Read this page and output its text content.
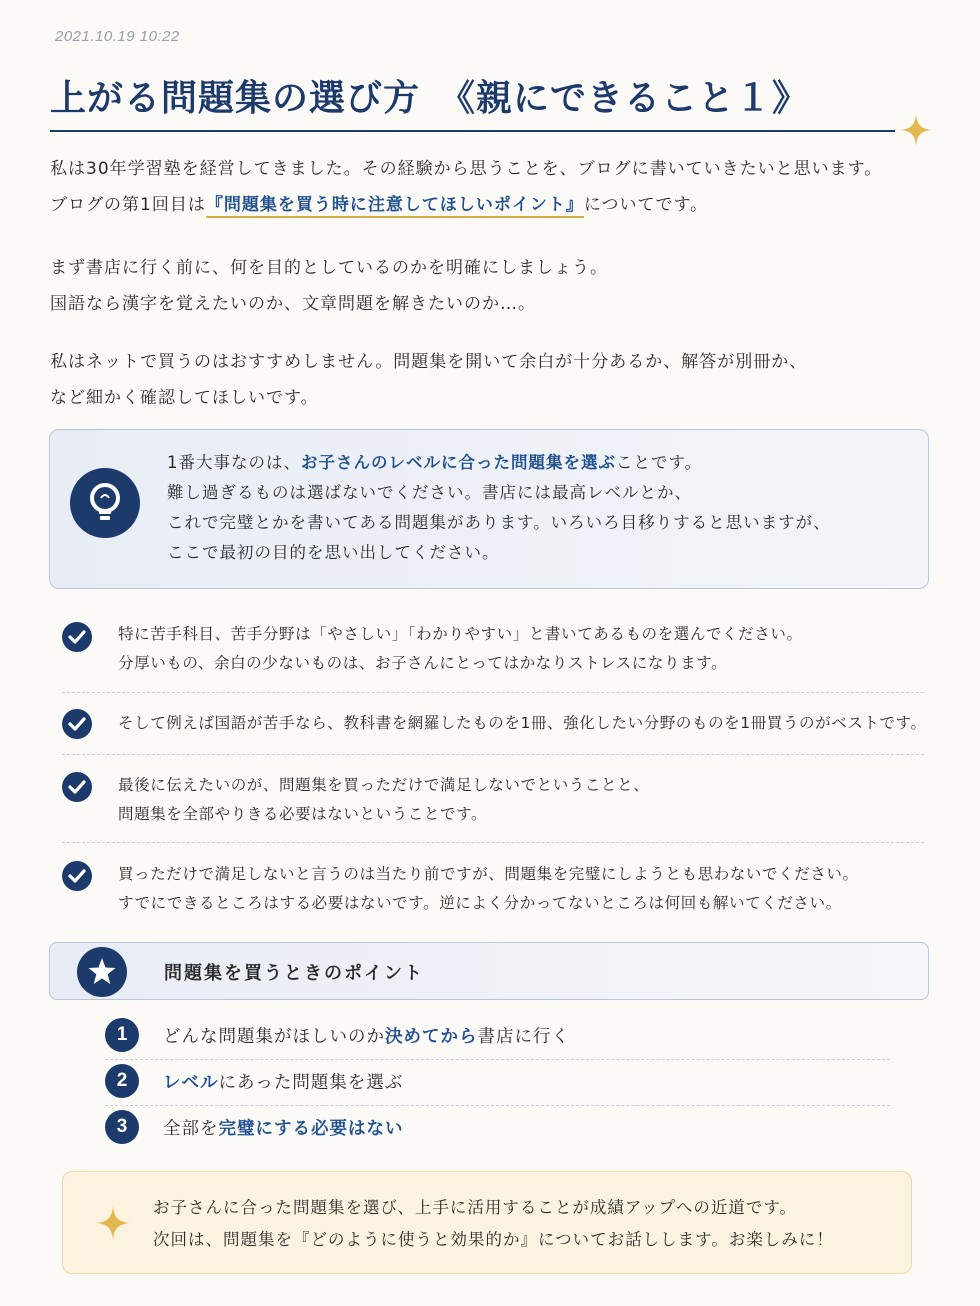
2021.10.19 10:22
上がる問題集の選び方　《親にできること１》

私は30年学習塾を経営してきました。その経験から思うことを、ブログに書いていきたいと思います。

ブログの第1回目は『問題集を買う時に注意してほしいポイント』についてです。

まず書店に行く前に、何を目的としているのかを明確にしましょう。

国語なら漢字を覚えたいのか、文章問題を解きたいのか…。

私はネットで買うのはおすすめしません。問題集を開いて余白が十分あるか、解答が別冊か、

など細かく確認してほしいです。

1番大事なのは、お子さんのレベルに合った問題集を選ぶことです。

難し過ぎるものは選ばないでください。書店には最高レベルとか、

これで完璧とかを書いてある問題集があります。いろいろ目移りすると思いますが、

ここで最初の目的を思い出してください。

特に苦手科目、苦手分野は「やさしい」「わかりやすい」と書いてあるものを選んでください。

分厚いもの、余白の少ないものは、お子さんにとってはかなりストレスになります。

そして例えば国語が苦手なら、教科書を網羅したものを1冊、強化したい分野のものを1冊買うのがベストです。

最後に伝えたいのが、問題集を買っただけで満足しないでということと、

問題集を全部やりきる必要はないということです。

買っただけで満足しないと言うのは当たり前ですが、問題集を完璧にしようとも思わないでください。

すでにできるところはする必要はないです。逆によく分かってないところは何回も解いてください。

問題集を買うときのポイント
1	どんな問題集がほしいのか決めてから書店に行く
2	レベルにあった問題集を選ぶ
3	全部を完璧にする必要はない

お子さんに合った問題集を選び、上手に活用することが成績アップへの近道です。

次回は、問題集を『どのように使うと効果的か』についてお話しします。お楽しみに！
